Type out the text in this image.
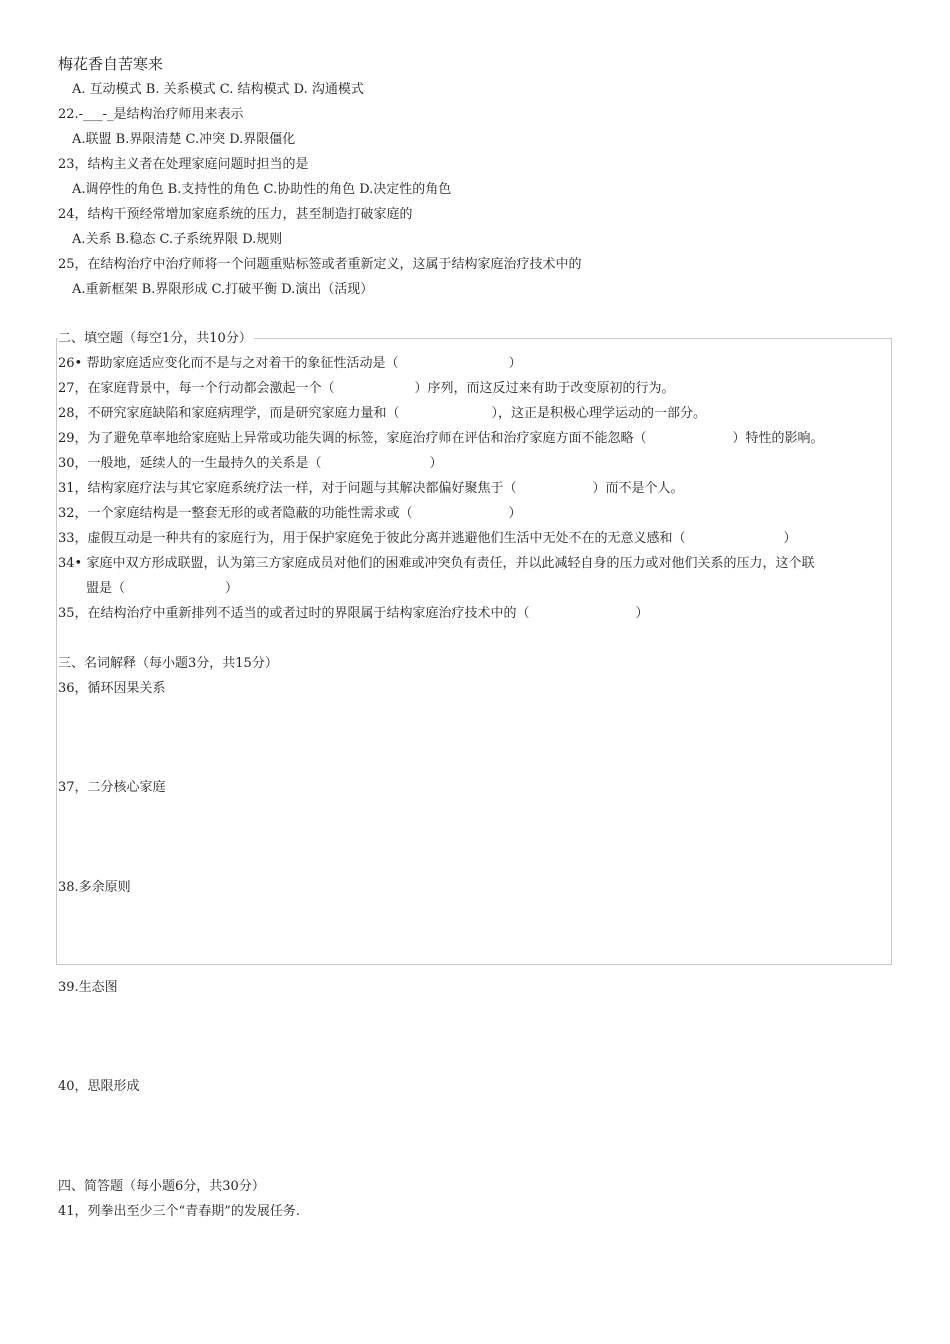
梅花香自苦寒来
A. 互动模式 B. 关系模式 C. 结构模式 D. 沟通模式
22.-___-_是结构治疗师用来表示
A.联盟 B.界限清楚 C.冲突 D.界限僵化
23，结构主义者在处理家庭问题时担当的是
A.调停性的角色 B.支持性的角色 C.协助性的角色 D.决定性的角色
24，结构干预经常增加家庭系统的压力，甚至制造打破家庭的
A.关系 B.稳态 C.子系统界限 D.规则
25，在结构治疗中治疗师将一个问题重贴标签或者重新定义，这属于结构家庭治疗技术中的
A.重新框架 B.界限形成 C.打破平衡 D.演出（活现）
二、填空题（每空1分，共10分）
26• 帮助家庭适应变化而不是与之对着干的象征性活动是（	）
27，在家庭背景中，每一个行动都会激起一个（	）序列，而这反过来有助于改变原初的行为。
28，不研究家庭缺陷和家庭病理学，而是研究家庭力量和（	），这正是积极心理学运动的一部分。
29，为了避免草率地给家庭贴上异常或功能失调的标签，家庭治疗师在评估和治疗家庭方面不能忽略（	）特性的影响。
30，一般地，延续人的一生最持久的关系是（	）
31，结构家庭疗法与其它家庭系统疗法一样，对于问题与其解决都偏好聚焦于（	）而不是个人。
32，一个家庭结构是一整套无形的或者隐蔽的功能性需求或（	）
33，虚假互动是一种共有的家庭行为，用于保护家庭免于彼此分离并逃避他们生活中无处不在的无意义感和（	）
34• 家庭中双方形成联盟，认为第三方家庭成员对他们的困难或冲突负有责任，并以此减轻自身的压力或对他们关系的压力，这个联
盟是（	）
35，在结构治疗中重新排列不适当的或者过时的界限属于结构家庭治疗技术中的（	）
三、名词解释（每小题3分，共15分）
36，循环因果关系
37，二分核心家庭
38.多余原则
39.生态图
40，思限形成
四、简答题（每小题6分，共30分）
41，列拳出至少三个“青春期”的发展任务.
